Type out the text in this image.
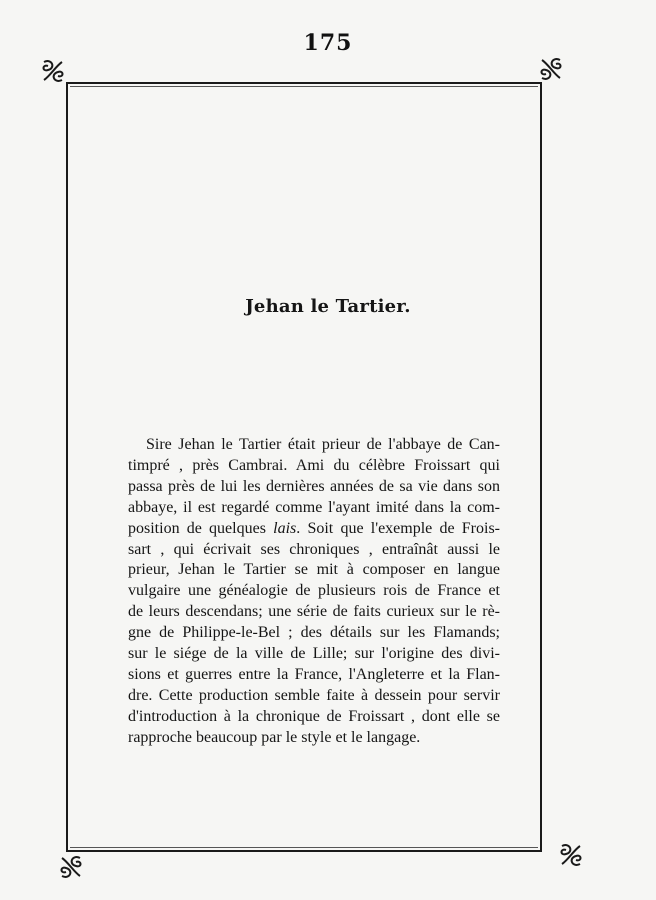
175
Jehan le Tartier.
Sire Jehan le Tartier était prieur de l'abbaye de Can-
timpré , près Cambrai. Ami du célèbre Froissart qui
passa près de lui les dernières années de sa vie dans son
abbaye, il est regardé comme l'ayant imité dans la com-
position de quelques lais. Soit que l'exemple de Frois-
sart , qui écrivait ses chroniques , entraînât aussi le
prieur, Jehan le Tartier se mit à composer en langue
vulgaire une généalogie de plusieurs rois de France et
de leurs descendans; une série de faits curieux sur le rè-
gne de Philippe-le-Bel ; des détails sur les Flamands;
sur le siége de la ville de Lille; sur l'origine des divi-
sions et guerres entre la France, l'Angleterre et la Flan-
dre. Cette production semble faite à dessein pour servir
d'introduction à la chronique de Froissart , dont elle se
rapproche beaucoup par le style et le langage.
